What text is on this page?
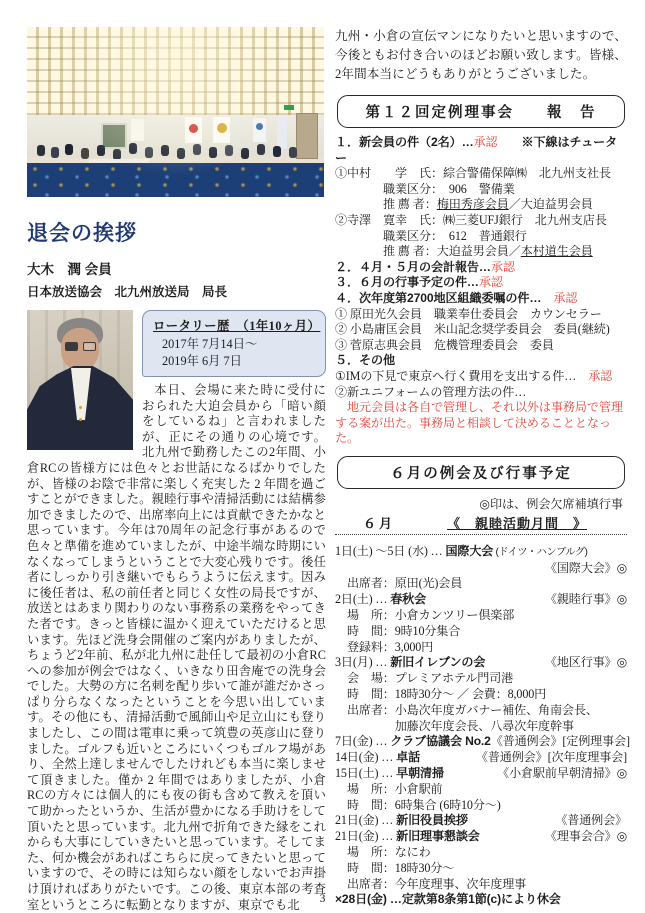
退会の挨拶
大木　潤 会員
日本放送協会　北九州放送局　局長
ロータリー歴　（1年10ヶ月）
2017年 7月14日～
2019年 6月 7日

本日、会場に来た時に受付におられた大迫会員から「暗い顔をしているね」と言われましたが、正にその通りの心境です。北九州で勤務したこの2年間、小倉RCの皆様方には色々とお世話になるばかりでしたが、皆様のお陰で非常に楽しく充実した 2 年間を過ごすことができました。親睦行事や清掃活動には結構参加できましたので、出席率向上には貢献できたかなと思っています。今年は70周年の記念行事があるので色々と準備を進めていましたが、中途半端な時期にいなくなってしまうということで大変心残りです。後任者にしっかり引き継いでもらうように伝えます。因みに後任者は、私の前任者と同じく女性の局長ですが、放送とはあまり関わりのない事務系の業務をやってきた者です。きっと皆様に温かく迎えていただけると思います。先ほど洗身会開催のご案内がありましたが、ちょうど2年前、私が北九州に赴任して最初の小倉RCへの参加が例会ではなく、いきなり田舎庵での洗身会でした。大勢の方に名刺を配り歩いて誰が誰だかさっぱり分らなくなったということを今思い出しています。その他にも、清掃活動で風師山や足立山にも登りましたし、この間は電車に乗って筑豊の英彦山に登りました。ゴルフも近いところにいくつもゴルフ場があり、全然上達しませんでしたけれども本当に楽しませて頂きました。僅か 2 年間ではありましたが、小倉RCの方々には個人的にも夜の街も含めて教えを頂いて助かったというか、生活が豊かになる手助けをして頂いたと思っています。北九州で折角できた縁をこれからも大事にしていきたいと思っています。そしてまた、何か機会があればこちらに戻ってきたいと思っていますので、その時には知らない顔をしないでお声掛け頂ければありがたいです。この後、東京本部の考査室というところに転勤となりますが、東京でも北

九州・小倉の宣伝マンになりたいと思いますので、今後ともお付き合いのほどお願い致します。皆様、2年間本当にどうもありがとうございました。

第１２回定例理事会　　報　告
１．新会員の件（2名）…承認　　※下線はチューター
①中村　　学　氏：綜合警備保障㈱　北九州支社長
　　　　職業区分：　906　警備業
　　　　推 薦 者：梅田秀彦会員／大迫益男会員
②寺澤　寛幸　氏：㈱三菱UFJ銀行　北九州支店長
　　　　職業区分：　612　普通銀行
　　　　推 薦 者：大迫益男会員／本村道生会員
２．４月・５月の会計報告…承認
３．６月の行事予定の件…承認
４．次年度第2700地区組織委嘱の件…　承認
① 原田光久会員　職業奉仕委員会　カウンセラー
② 小島庸匡会員　米山記念奨学委員会　委員(継続)
③ 菅原志典会員　危機管理委員会　委員
５．その他
①IMの下見で東京へ行く費用を支出する件…　承認
②新ユニフォームの管理方法の件…
　地元会員は各自で管理し、それ以外は事務局で管理する案が出た。事務局と相談して決めることとなった。
６月の例会及び行事予定
◎印は、例会欠席補填行事
６月	《　親睦活動月間　》
1日(土) ～5日 (水) … 国際大会 (ドイツ・ハンブルグ)
《国際大会》◎
　出席者：原田(光)会員
2日(土) … 春秋会	《親睦行事》◎
　場　所：小倉カンツリー倶楽部
　時　間：9時10分集合
　登録料：3,000円
3日(月) … 新旧イレブンの会	《地区行事》◎
　会　場：プレミアホテル門司港
　時　間：18時30分～ ／ 会費：8,000円
　出席者：小島次年度ガバナー補佐、角南会長、
　　　　　加藤次年度会長、八尋次年度幹事
7日(金) … クラブ協議会 No.2《普通例会》[定例理事会]
14日(金) … 卓話	《普通例会》[次年度理事会]
15日(土) … 早朝清掃	《小倉駅前早朝清掃》◎
　場　所：小倉駅前
　時　間：6時集合 (6時10分～)
21日(金) … 新旧役員挨拶	《普通例会》
21日(金) … 新旧理事懇談会	《理事会合》◎
　場　所：なにわ
　時　間：18時30分～
　出席者：今年度理事、次年度理事
×28日(金) …定款第8条第1節(c)により休会
3
